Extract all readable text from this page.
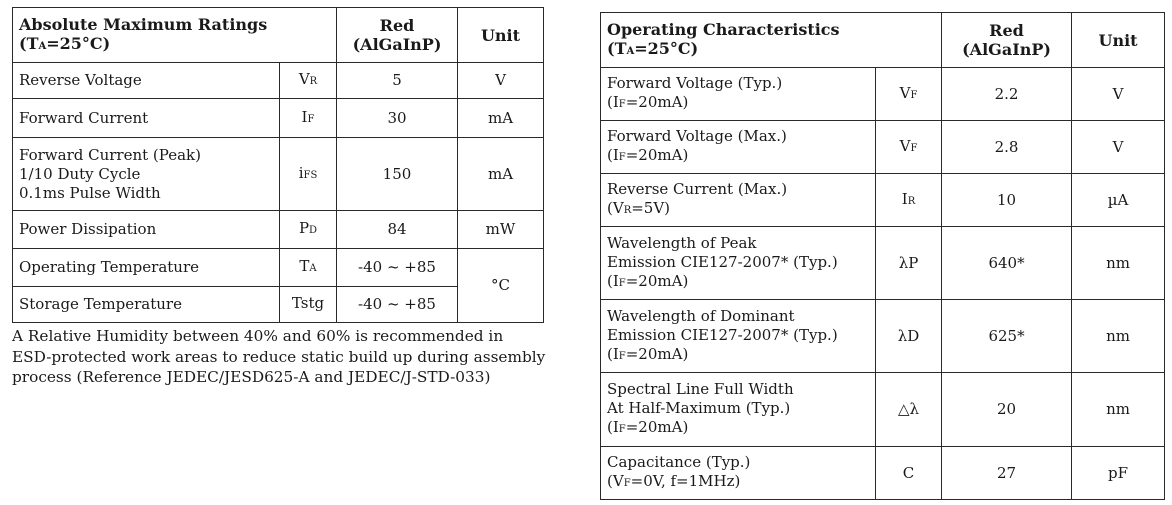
Absolute Maximum Ratings
(TA=25°C)		Red
(AlGaInP)	Unit
Reverse Voltage	VR	5	V
Forward Current	IF	30	mA

Forward Current (Peak)
1/10 Duty Cycle
0.1ms Pulse Width	iFS	150	mA
Power Dissipation	PD	84	mW
Operating Temperature	TA	-40 ~ +85	°C
Storage Temperature	Tstg	-40 ~ +85	
A Relative Humidity between 40% and 60% is recommended in
ESD-protected work areas to reduce static build up during assembly
process (Reference JEDEC/JESD625-A and JEDEC/J-STD-033)
Operating Characteristics
(TA=25°C)		Red
(AlGaInP)	Unit

Forward Voltage (Typ.)
(IF=20mA)	VF	2.2	V

Forward Voltage (Max.)
(IF=20mA)	VF	2.8	V

Reverse Current (Max.)
(VR=5V)	IR	10	µA

Wavelength of Peak
Emission CIE127-2007* (Typ.)
(IF=20mA)	λP	640*	nm

Wavelength of Dominant
Emission CIE127-2007* (Typ.)
(IF=20mA)	λD	625*	nm

Spectral Line Full Width
At Half-Maximum (Typ.)
(IF=20mA)	△λ	20	nm

Capacitance (Typ.)
(VF=0V, f=1MHz)	C	27	pF
